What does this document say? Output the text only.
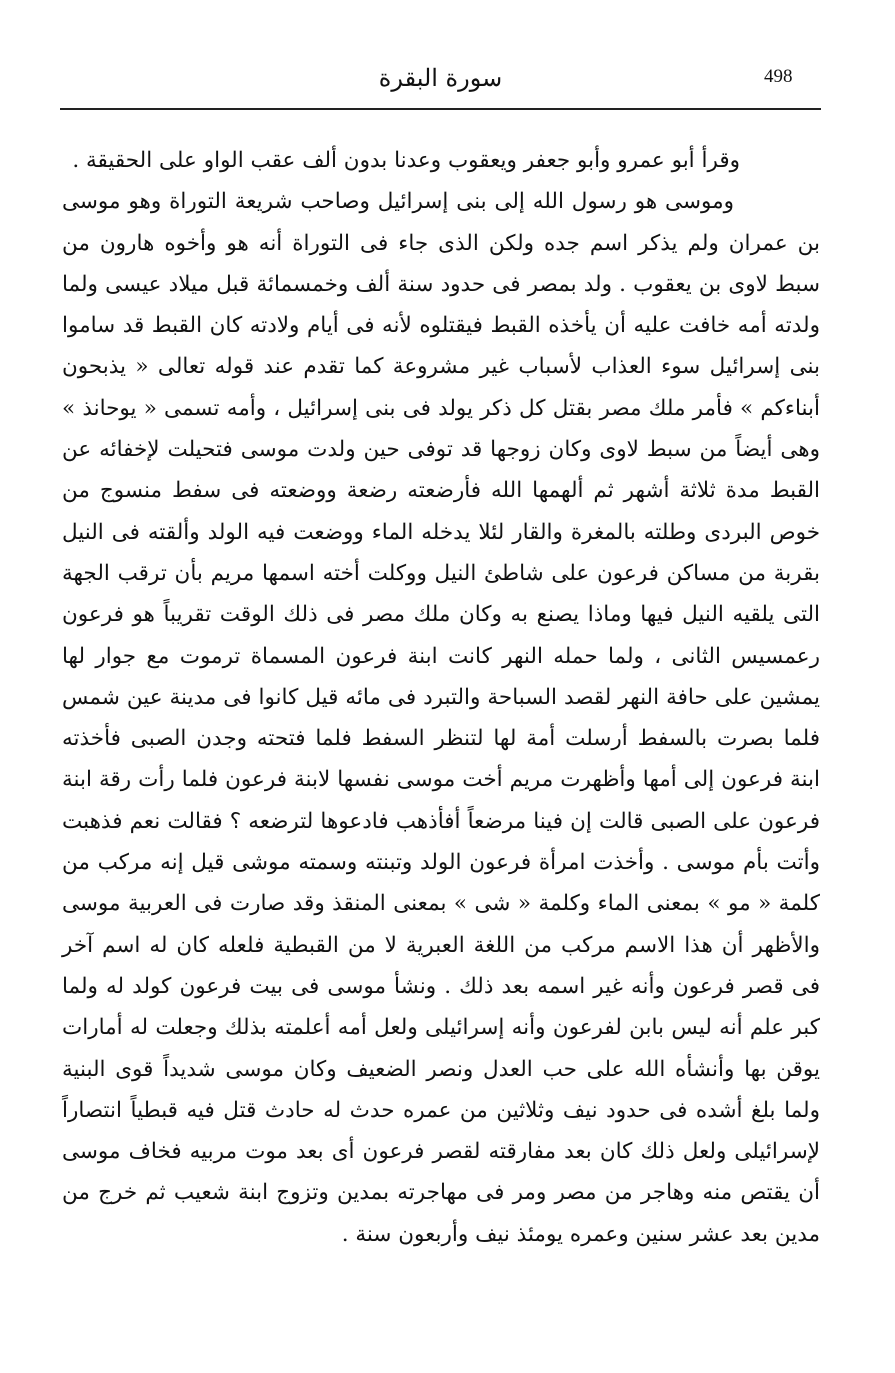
498
سورة البقرة

وقرأ أبو عمرو وأبو جعفر ويعقوب وعدنا بدون ألف عقب الواو على الحقيقة .

وموسى هو رسول الله إلى بنى إسرائيل وصاحب شريعة التوراة وهو موسى بن عمران ولم يذكر اسم جده ولكن الذى جاء فى التوراة أنه هو وأخوه هارون من سبط لاوى بن يعقوب . ولد بمصر فى حدود سنة ألف وخمسمائة قبل ميلاد عيسى ولما ولدته أمه خافت عليه أن يأخذه القبط فيقتلوه لأنه فى أيام ولادته كان القبط قد ساموا بنى إسرائيل سوء العذاب لأسباب غير مشروعة كما تقدم عند قوله تعالى « يذبحون أبناءكم » فأمر ملك مصر بقتل كل ذكر يولد فى بنى إسرائيل ، وأمه تسمى « يوحانذ » وهى أيضاً من سبط لاوى وكان زوجها قد توفى حين ولدت موسى فتحيلت لإخفائه عن القبط مدة ثلاثة أشهر ثم ألهمها الله فأرضعته رضعة ووضعته فى سفط منسوج من خوص البردى وطلته بالمغرة والقار لئلا يدخله الماء ووضعت فيه الولد وألقته فى النيل بقربة من مساكن فرعون على شاطئ النيل ووكلت أخته اسمها مريم بأن ترقب الجهة التى يلقيه النيل فيها وماذا يصنع به وكان ملك مصر فى ذلك الوقت تقريباً هو فرعون رعمسيس الثانى ، ولما حمله النهر كانت ابنة فرعون المسماة ترموت مع جوار لها يمشين على حافة النهر لقصد السباحة والتبرد فى مائه قيل كانوا فى مدينة عين شمس فلما بصرت بالسفط أرسلت أمة لها لتنظر السفط فلما فتحته وجدن الصبى فأخذته ابنة فرعون إلى أمها وأظهرت مريم أخت موسى نفسها لابنة فرعون فلما رأت رقة ابنة فرعون على الصبى قالت إن فينا مرضعاً أفأذهب فادعوها لترضعه ؟ فقالت نعم فذهبت وأتت بأم موسى . وأخذت امرأة فرعون الولد وتبنته وسمته موشى قيل إنه مركب من كلمة « مو » بمعنى الماء وكلمة « شى » بمعنى المنقذ وقد صارت فى العربية موسى والأظهر أن هذا الاسم مركب من اللغة العبرية لا من القبطية فلعله كان له اسم آخر فى قصر فرعون وأنه غير اسمه بعد ذلك . ونشأ موسى فى بيت فرعون كولد له ولما كبر علم أنه ليس بابن لفرعون وأنه إسرائيلى ولعل أمه أعلمته بذلك وجعلت له أمارات يوقن بها وأنشأه الله على حب العدل ونصر الضعيف وكان موسى شديداً قوى البنية ولما بلغ أشده فى حدود نيف وثلاثين من عمره حدث له حادث قتل فيه قبطياً انتصاراً لإسرائيلى ولعل ذلك كان بعد مفارقته لقصر فرعون أى بعد موت مربيه فخاف موسى أن يقتص منه وهاجر من مصر ومر فى مهاجرته بمدين وتزوج ابنة شعيب ثم خرج من مدين بعد عشر سنين وعمره يومئذ نيف وأربعون سنة .
